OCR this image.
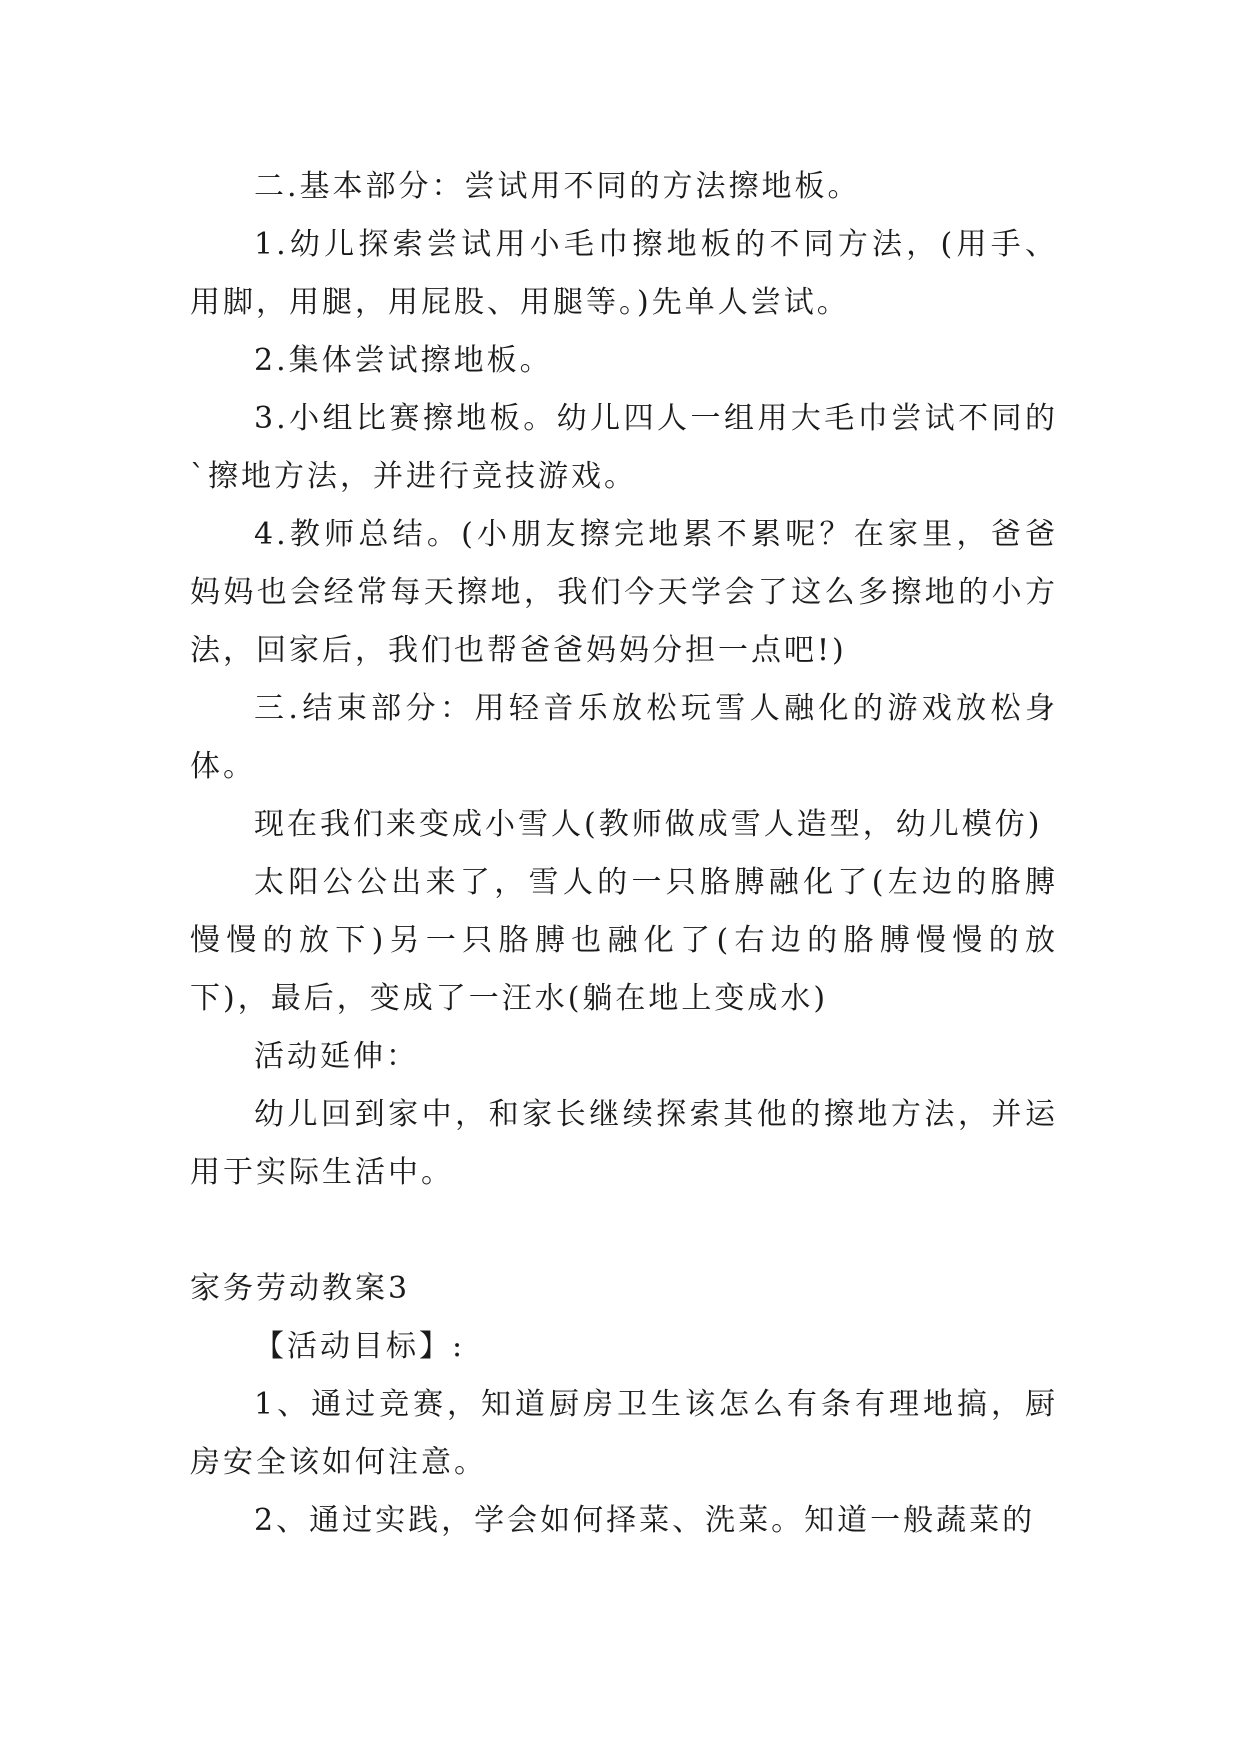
二.基本部分：尝试用不同的方法擦地板。

1.幼儿探索尝试用小毛巾擦地板的不同方法，(用手、用脚，用腿，用屁股、用腿等。)先单人尝试。

2.集体尝试擦地板。

3.小组比赛擦地板。幼儿四人一组用大毛巾尝试不同的`擦地方法，并进行竞技游戏。

4.教师总结。(小朋友擦完地累不累呢？在家里，爸爸妈妈也会经常每天擦地，我们今天学会了这么多擦地的小方法，回家后，我们也帮爸爸妈妈分担一点吧!)

三.结束部分：用轻音乐放松玩雪人融化的游戏放松身体。

现在我们来变成小雪人(教师做成雪人造型，幼儿模仿)

太阳公公出来了，雪人的一只胳膊融化了(左边的胳膊慢慢的放下)另一只胳膊也融化了(右边的胳膊慢慢的放下)，最后，变成了一汪水(躺在地上变成水)

活动延伸：

幼儿回到家中，和家长继续探索其他的擦地方法，并运用于实际生活中。

家务劳动教案3

【活动目标】:

1、通过竞赛，知道厨房卫生该怎么有条有理地搞，厨房安全该如何注意。

2、通过实践，学会如何择菜、洗菜。知道一般蔬菜的
